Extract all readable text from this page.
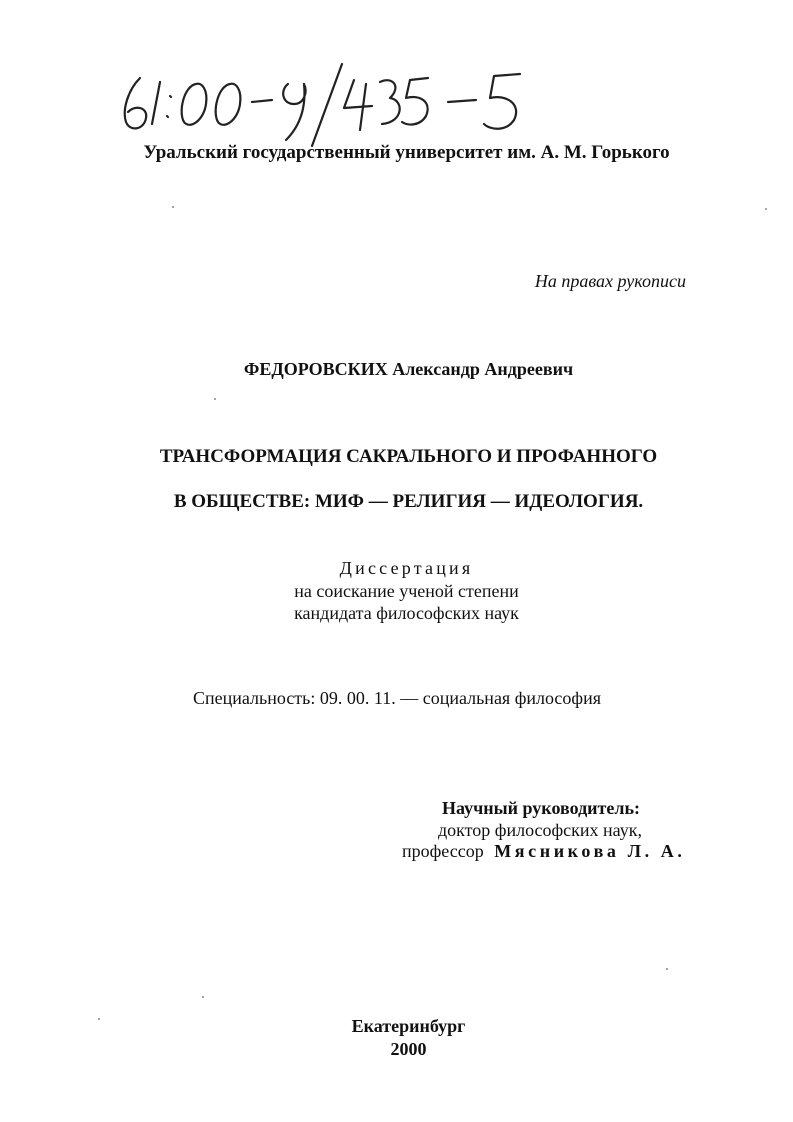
Уральский государственный университет им. А. М. Горького
На правах рукописи
ФЕДОРОВСКИХ Александр Андреевич
ТРАНСФОРМАЦИЯ САКРАЛЬНОГО И ПРОФАННОГО
В ОБЩЕСТВЕ: МИФ — РЕЛИГИЯ — ИДЕОЛОГИЯ.
Диссертация
на соискание ученой степени
кандидата философских наук
Специальность: 09. 00. 11. — социальная философия
Научный руководитель:
доктор философских наук,
профессор Мясникова Л. А.
Екатеринбург
2000
